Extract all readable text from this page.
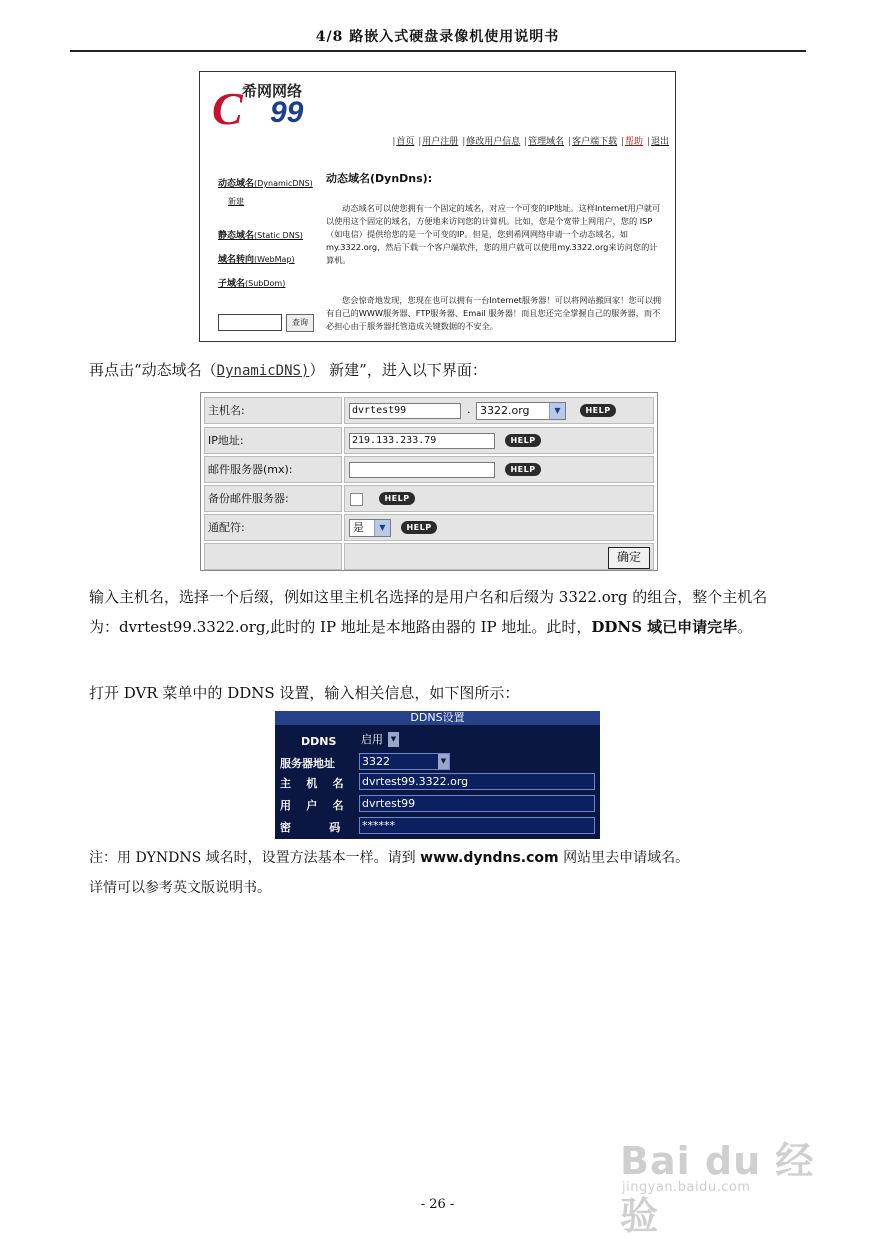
4/8 路嵌入式硬盘录像机使用说明书
C 希网网络
99
|首页 |用户注册 |修改用户信息 |管理域名 |客户端下载 |帮助 |退出
动态域名(DynamicDNS)
新建
静态域名(Static DNS)
域名转向(WebMap)
子域名(SubDom)
查询
动态域名(DynDns):
动态域名可以使您拥有一个固定的域名，对应一个可变的IP地址。这样Internet用户就可以使用这个固定的域名，方便地来访问您的计算机。比如，您是个宽带上网用户，您的 ISP（如电信）提供给您的是一个可变的IP。但是，您到希网网络申请一个动态域名，如my.3322.org，然后下载一个客户端软件，您的用户就可以使用my.3322.org来访问您的计算机。
您会惊奇地发现，您现在也可以拥有一台Internet服务器！可以将网站搬回家！您可以拥有自己的WWW服务器、FTP服务器、Email 服务器！而且您还完全掌握自己的服务器，而不必担心由于服务器托管造成关键数据的不安全。
再点击“动态域名（DynamicDNS)） 新建”，进入以下界面：
主机名:	dvrtest99	. 3322.org	▼	HELP
IP地址:	219.133.233.79	HELP
邮件服务器(mx):	HELP
备份邮件服务器:	HELP
通配符:	是	▼	HELP
确定
输入主机名，选择一个后缀，例如这里主机名选择的是用户名和后缀为 3322.org 的组合，整个主机名为：dvrtest99.3322.org,此时的 IP 地址是本地路由器的 IP 地址。此时，DDNS 域已申请完毕。
打开 DVR 菜单中的 DDNS 设置，输入相关信息，如下图所示：
DDNS设置
DDNS 启用	▼
服务器地址 3322	▼
主    机    名 dvrtest99.3322.org
用    户    名 dvrtest99
密          码 ******
注：用 DYNDNS 域名时，设置方法基本一样。请到 www.dyndns.com 网站里去申请域名。
详情可以参考英文版说明书。
Bai du 经验
jingyan.baidu.com
- 26 -
